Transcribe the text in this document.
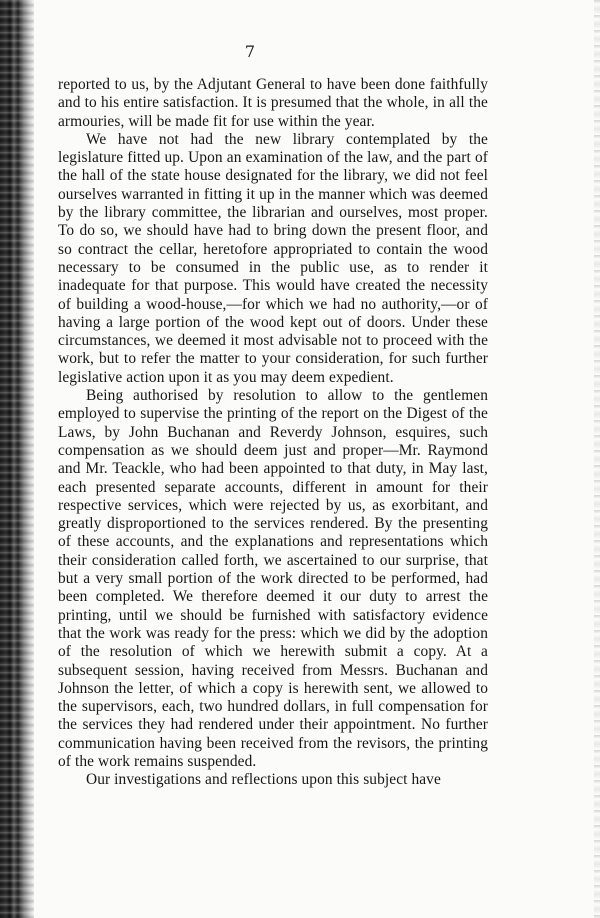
7

reported to us, by the Adjutant General to have been done faithfully and to his entire satisfaction. It is presumed that the whole, in all the armouries, will be made fit for use within the year.

We have not had the new library contemplated by the legislature fitted up. Upon an examination of the law, and the part of the hall of the state house designated for the library, we did not feel ourselves warranted in fitting it up in the manner which was deemed by the library committee, the librarian and ourselves, most proper. To do so, we should have had to bring down the present floor, and so contract the cellar, heretofore appropriated to contain the wood necessary to be consumed in the public use, as to render it inadequate for that purpose. This would have created the necessity of building a wood-house,—for which we had no authority,—or of having a large portion of the wood kept out of doors. Under these circumstances, we deemed it most advisable not to proceed with the work, but to refer the matter to your consideration, for such further legislative action upon it as you may deem expedient.

Being authorised by resolution to allow to the gentlemen employed to supervise the printing of the report on the Digest of the Laws, by John Buchanan and Reverdy Johnson, esquires, such compensation as we should deem just and proper—Mr. Raymond and Mr. Teackle, who had been appointed to that duty, in May last, each presented separate accounts, different in amount for their respective services, which were rejected by us, as exorbitant, and greatly disproportioned to the services rendered. By the presenting of these accounts, and the explanations and representations which their consideration called forth, we ascertained to our surprise, that but a very small portion of the work directed to be performed, had been completed. We therefore deemed it our duty to arrest the printing, until we should be furnished with satisfactory evidence that the work was ready for the press: which we did by the adoption of the resolution of which we herewith submit a copy. At a subsequent session, having received from Messrs. Buchanan and Johnson the letter, of which a copy is herewith sent, we allowed to the supervisors, each, two hundred dollars, in full compensation for the services they had rendered under their appointment. No further communication having been received from the revisors, the printing of the work remains suspended.

Our investigations and reflections upon this subject have
